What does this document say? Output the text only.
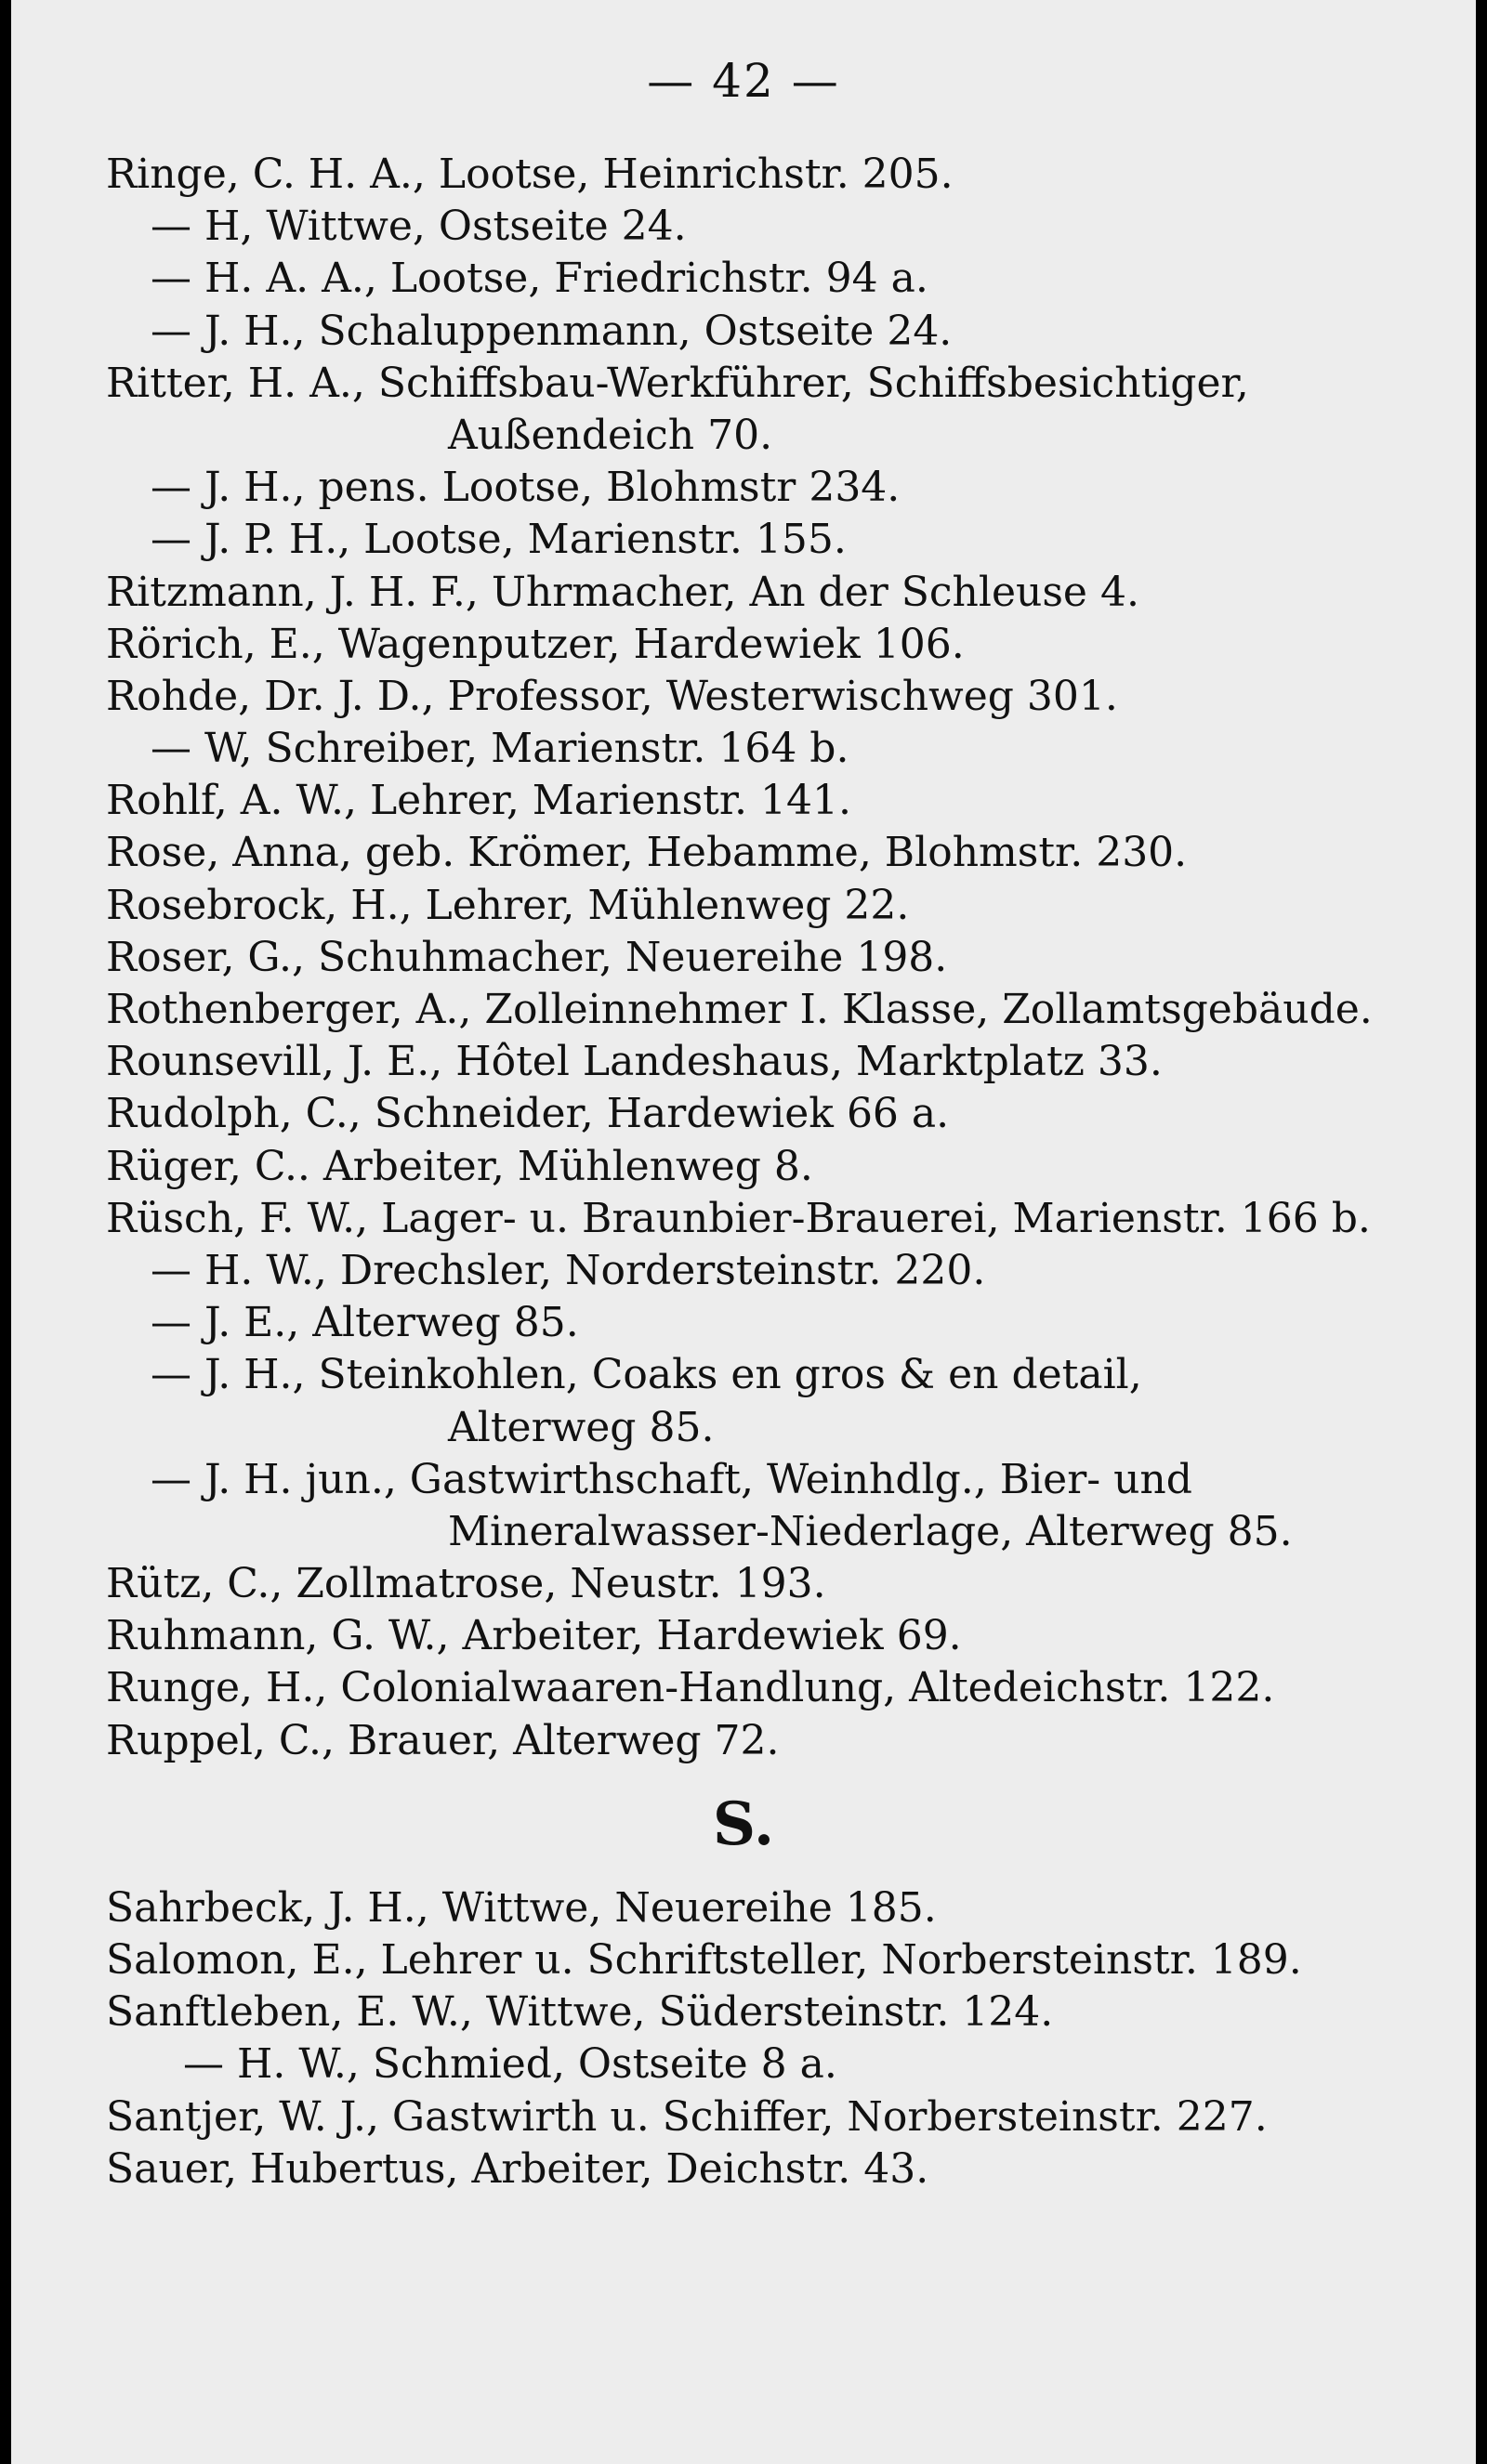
— 42 —
Ringe, C. H. A., Lootse, Heinrichstr. 205.
— H, Wittwe, Ostseite 24.
— H. A. A., Lootse, Friedrichstr. 94 a.
— J. H., Schaluppenmann, Ostseite 24.
Ritter, H. A., Schiffsbau-Werkführer, Schiffsbesichtiger,
Außendeich 70.
— J. H., pens. Lootse, Blohmstr 234.
— J. P. H., Lootse, Marienstr. 155.
Ritzmann, J. H. F., Uhrmacher, An der Schleuse 4.
Rörich, E., Wagenputzer, Hardewiek 106.
Rohde, Dr. J. D., Professor, Westerwischweg 301.
— W, Schreiber, Marienstr. 164 b.
Rohlf, A. W., Lehrer, Marienstr. 141.
Rose, Anna, geb. Krömer, Hebamme, Blohmstr. 230.
Rosebrock, H., Lehrer, Mühlenweg 22.
Roser, G., Schuhmacher, Neuereihe 198.
Rothenberger, A., Zolleinnehmer I. Klasse, Zollamtsgebäude.
Rounsevill, J. E., Hôtel Landeshaus, Marktplatz 33.
Rudolph, C., Schneider, Hardewiek 66 a.
Rüger, C.. Arbeiter, Mühlenweg 8.
Rüsch, F. W., Lager- u. Braunbier-Brauerei, Marienstr. 166 b.
— H. W., Drechsler, Nordersteinstr. 220.
— J. E., Alterweg 85.
— J. H., Steinkohlen, Coaks en gros & en detail,
Alterweg 85.
— J. H. jun., Gastwirthschaft, Weinhdlg., Bier- und
Mineralwasser-Niederlage, Alterweg 85.
Rütz, C., Zollmatrose, Neustr. 193.
Ruhmann, G. W., Arbeiter, Hardewiek 69.
Runge, H., Colonialwaaren-Handlung, Altedeichstr. 122.
Ruppel, C., Brauer, Alterweg 72.
S.
Sahrbeck, J. H., Wittwe, Neuereihe 185.
Salomon, E., Lehrer u. Schriftsteller, Norbersteinstr. 189.
Sanftleben, E. W., Wittwe, Südersteinstr. 124.
— H. W., Schmied, Ostseite 8 a.
Santjer, W. J., Gastwirth u. Schiffer, Norbersteinstr. 227.
Sauer, Hubertus, Arbeiter, Deichstr. 43.
